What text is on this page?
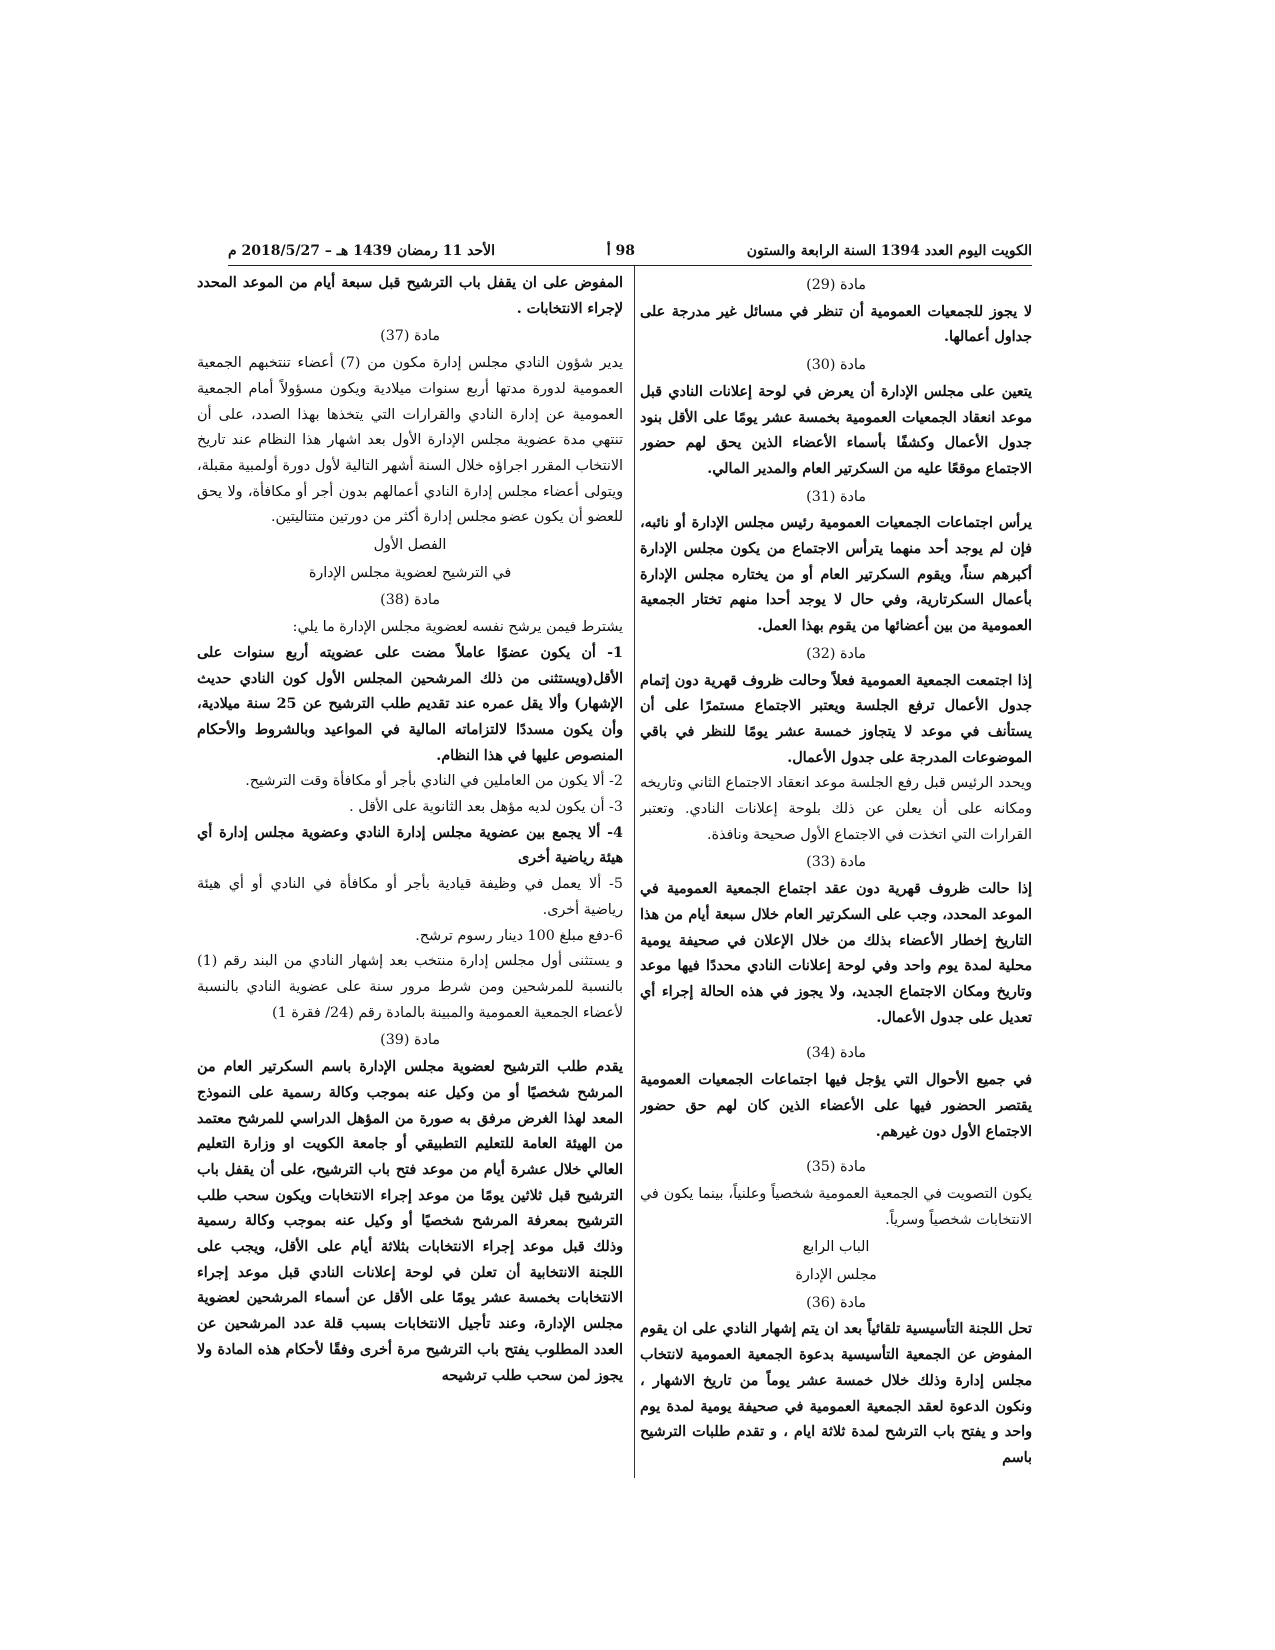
الكويت اليوم العدد 1394 السنة الرابعة والستون
98 أ
الأحد 11 رمضان 1439 هـ – 2018/5/27 م

مادة (29)

لا يجوز للجمعيات العمومية أن تنظر في مسائل غير مدرجة على جداول أعمالها.

مادة (30)

يتعين على مجلس الإدارة أن يعرض في لوحة إعلانات النادي قبل موعد انعقاد الجمعيات العمومية بخمسة عشر يومًا على الأقل بنود جدول الأعمال وكشفًا بأسماء الأعضاء الذين يحق لهم حضور الاجتماع موقعًا عليه من السكرتير العام والمدير المالي.

مادة (31)

يرأس اجتماعات الجمعيات العمومية رئيس مجلس الإدارة أو نائبه، فإن لم يوجد أحد منهما يترأس الاجتماع من يكون مجلس الإدارة أكبرهم سناً، ويقوم السكرتير العام أو من يختاره مجلس الإدارة بأعمال السكرتارية، وفي حال لا يوجد أحدا منهم تختار الجمعية العمومية من بين أعضائها من يقوم بهذا العمل.

مادة (32)

إذا اجتمعت الجمعية العمومية فعلاً وحالت ظروف قهرية دون إتمام جدول الأعمال ترفع الجلسة ويعتبر الاجتماع مستمرًا على أن يستأنف في موعد لا يتجاوز خمسة عشر يومًا للنظر في باقي الموضوعات المدرجة على جدول الأعمال.

ويحدد الرئيس قبل رفع الجلسة موعد انعقاد الاجتماع الثاني وتاريخه ومكانه على أن يعلن عن ذلك بلوحة إعلانات النادي. وتعتبر القرارات التي اتخذت في الاجتماع الأول صحيحة ونافذة.

مادة (33)

إذا حالت ظروف قهرية دون عقد اجتماع الجمعية العمومية في الموعد المحدد، وجب على السكرتير العام خلال سبعة أيام من هذا التاريخ إخطار الأعضاء بذلك من خلال الإعلان في صحيفة يومية محلية لمدة يوم واحد وفي لوحة إعلانات النادي محددًا فيها موعد وتاريخ ومكان الاجتماع الجديد، ولا يجوز في هذه الحالة إجراء أي تعديل على جدول الأعمال.

مادة (34)

في جميع الأحوال التي يؤجل فيها اجتماعات الجمعيات العمومية يقتصر الحضور فيها على الأعضاء الذين كان لهم حق حضور الاجتماع الأول دون غيرهم.

مادة (35)

يكون التصويت في الجمعية العمومية شخصياً وعلنياً، بينما يكون في الانتخابات شخصياً وسرياً.

الباب الرابع

مجلس الإدارة

مادة (36)

تحل اللجنة التأسيسية تلقائياً بعد ان يتم إشهار النادي على ان يقوم المفوض عن الجمعية التأسيسية بدعوة الجمعية العمومية لانتخاب مجلس إدارة وذلك خلال خمسة عشر يوماً من تاريخ الاشهار ، ونكون الدعوة لعقد الجمعية العمومية في صحيفة يومية لمدة يوم واحد و يفتح باب الترشح لمدة ثلاثة ايام ، و تقدم طلبات الترشيح باسم

المفوض على ان يقفل باب الترشيح قبل سبعة أيام من الموعد المحدد لإجراء الانتخابات .

مادة (37)

يدير شؤون النادي مجلس إدارة مكون من (7) أعضاء تنتخبهم الجمعية العمومية لدورة مدتها أربع سنوات ميلادية ويكون مسؤولاً أمام الجمعية العمومية عن إدارة النادي والقرارات التي يتخذها بهذا الصدد، على أن تنتهي مدة عضوية مجلس الإدارة الأول بعد اشهار هذا النظام عند تاريخ الانتخاب المقرر اجراؤه خلال السنة أشهر التالية لأول دورة أولمبية مقبلة، ويتولى أعضاء مجلس إدارة النادي أعمالهم بدون أجر أو مكافأة، ولا يحق للعضو أن يكون عضو مجلس إدارة أكثر من دورتين متتاليتين.

الفصل الأول

في الترشيح لعضوية مجلس الإدارة

مادة (38)

يشترط فيمن يرشح نفسه لعضوية مجلس الإدارة ما يلي:

1- أن يكون عضوًا عاملاً مضت على عضويته أربع سنوات على الأقل(ويستثنى من ذلك المرشحين المجلس الأول كون النادي حديث الإشهار) وألا يقل عمره عند تقديم طلب الترشيح عن 25 سنة ميلادية، وأن يكون مسددًا لالتزاماته المالية في المواعيد وبالشروط والأحكام المنصوص عليها في هذا النظام.

2- ألا يكون من العاملين في النادي بأجر أو مكافأة وقت الترشيح.

3- أن يكون لديه مؤهل بعد الثانوية على الأقل .

4- ألا يجمع بين عضوية مجلس إدارة النادي وعضوية مجلس إدارة أي هيئة رياضية أخرى

5- ألا يعمل في وظيفة قيادية بأجر أو مكافأة في النادي أو أي هيئة رياضية أخرى.

6-دفع مبلغ 100 دينار رسوم ترشح.

و يستثنى أول مجلس إدارة منتخب بعد إشهار النادي من البند رقم (1) بالنسبة للمرشحين ومن شرط مرور سنة على عضوية النادي بالنسبة لأعضاء الجمعية العمومية والمبينة بالمادة رقم (24/ فقرة 1)

مادة (39)

يقدم طلب الترشيح لعضوية مجلس الإدارة باسم السكرتير العام من المرشح شخصيًا أو من وكيل عنه بموجب وكالة رسمية على النموذج المعد لهذا الغرض مرفق به صورة من المؤهل الدراسي للمرشح معتمد من الهيئة العامة للتعليم التطبيقي أو جامعة الكويت او وزارة التعليم العالي خلال عشرة أيام من موعد فتح باب الترشيح، على أن يقفل باب الترشيح قبل ثلاثين يومًا من موعد إجراء الانتخابات ويكون سحب طلب الترشيح بمعرفة المرشح شخصيًا أو وكيل عنه بموجب وكالة رسمية وذلك قبل موعد إجراء الانتخابات بثلاثة أيام على الأقل، ويجب على اللجنة الانتخابية أن تعلن في لوحة إعلانات النادي قبل موعد إجراء الانتخابات بخمسة عشر يومًا على الأقل عن أسماء المرشحين لعضوية مجلس الإدارة، وعند تأجيل الانتخابات بسبب قلة عدد المرشحين عن العدد المطلوب يفتح باب الترشيح مرة أخرى وفقًا لأحكام هذه المادة ولا يجوز لمن سحب طلب ترشيحه
